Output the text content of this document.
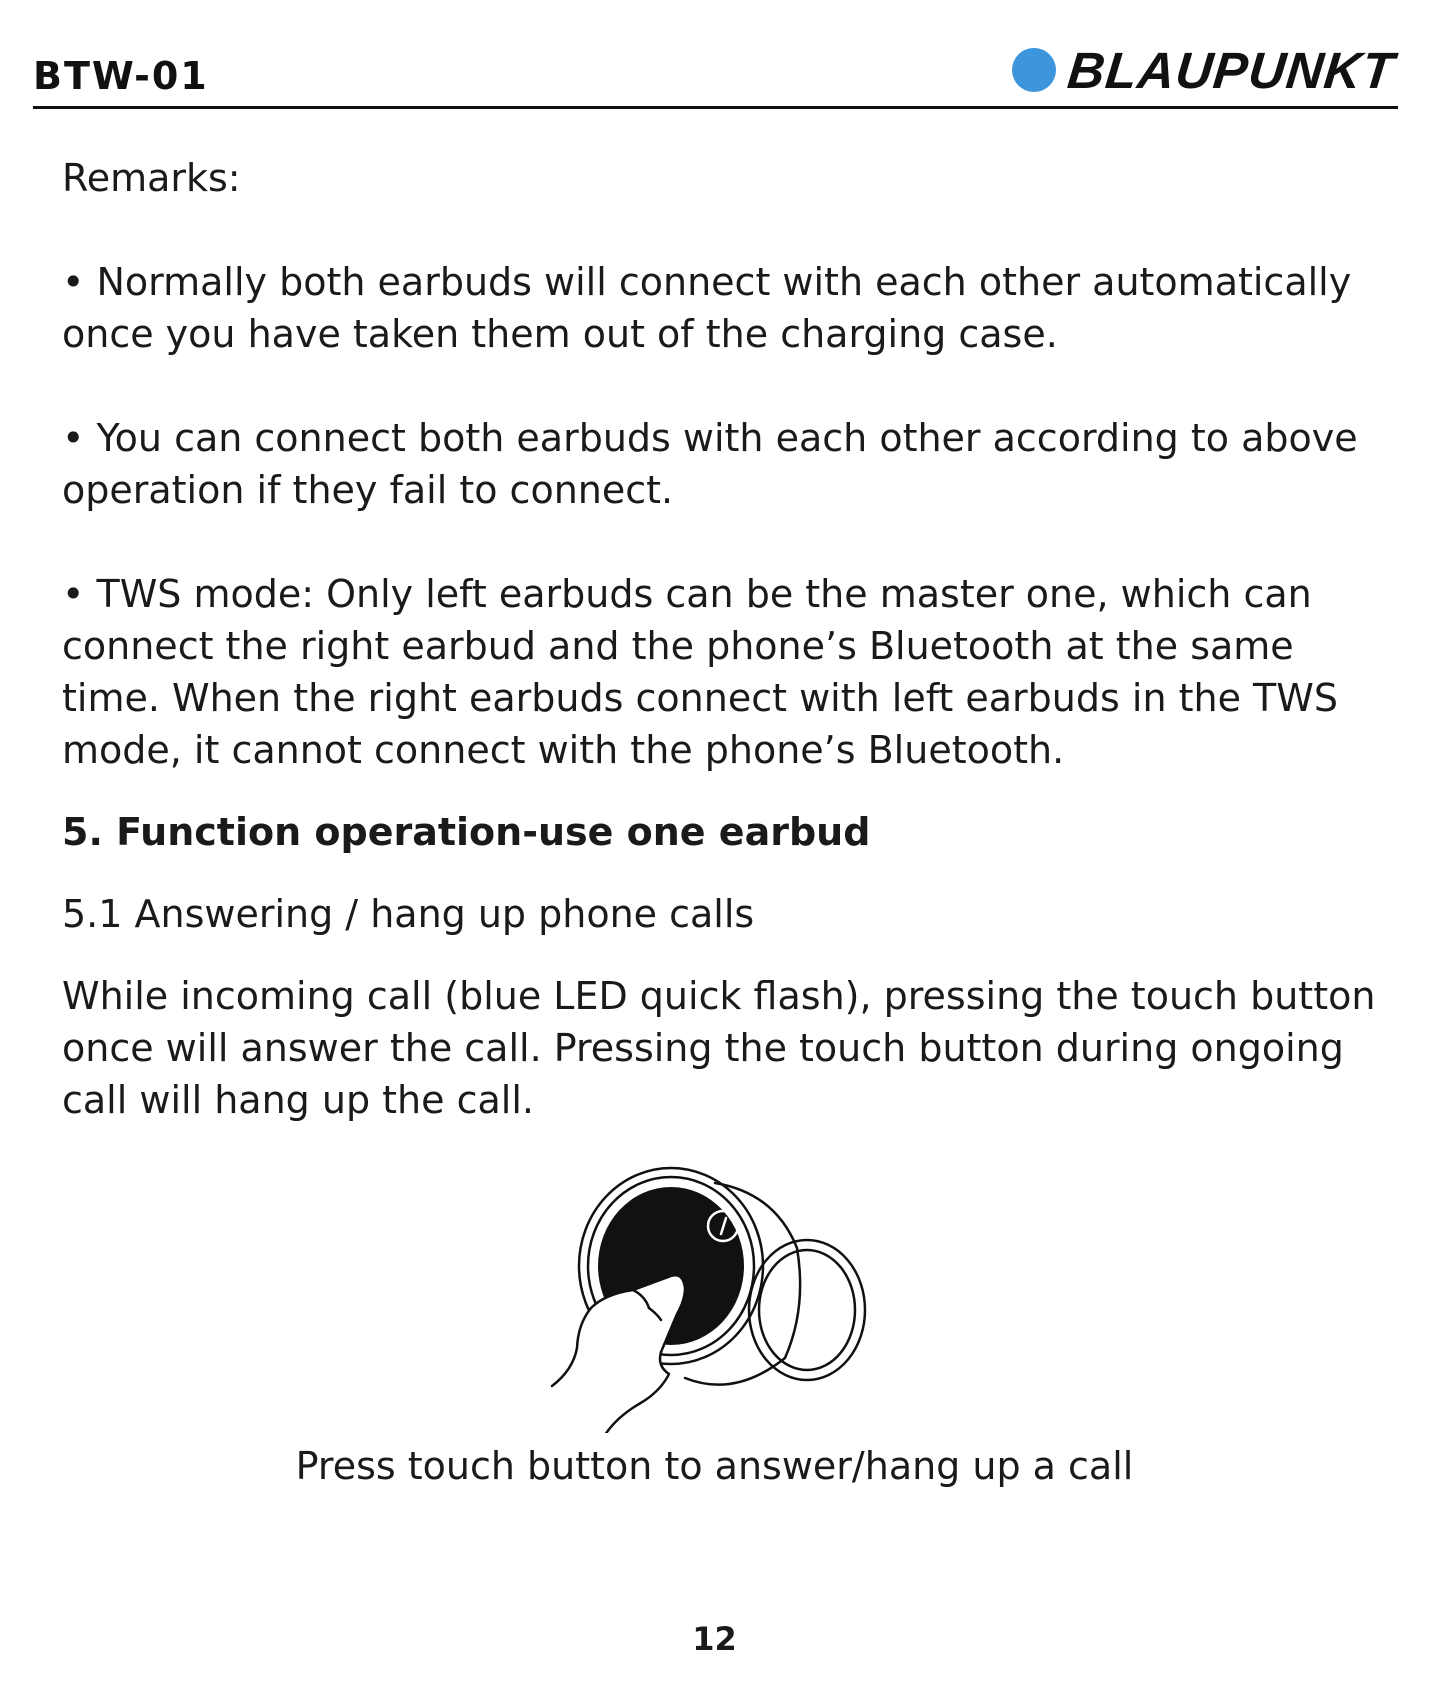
BTW-01	BLAUPUNKT

Remarks:

• Normally both earbuds will connect with each other automatically once you have taken them out of the charging case.

• You can connect both earbuds with each other according to above operation if they fail to connect.

• TWS mode: Only left earbuds can be the master one, which can connect the right earbud and the phone’s Bluetooth at the same time. When the right earbuds connect with left earbuds in the TWS mode, it cannot connect with the phone’s Bluetooth.

5. Function operation-use one earbud

5.1 Answering / hang up phone calls

While incoming call (blue LED quick flash), pressing the touch button once will answer the call. Pressing the touch button during ongoing call will hang up the call.

Press touch button to answer/hang up a call
12
